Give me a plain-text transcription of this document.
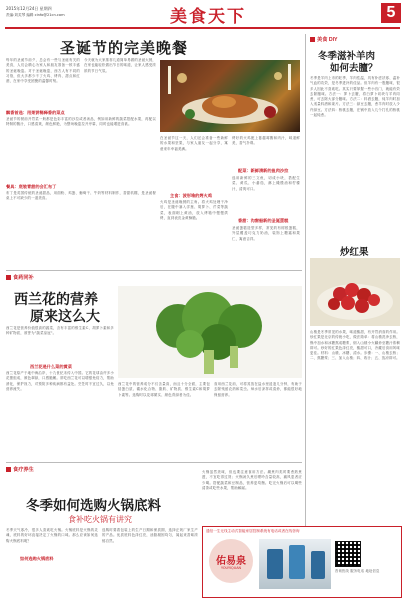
2015年12月24日 星期四
责编:刘芙琴 编辑 cinfo@21cn.com	美食天下	5
圣诞节的完美晚餐
每年的圣诞节前夕，总会有一些与圣诞有关的美食，人们会精心为家人和朋友准备一顿丰盛的圣诞晚宴。对于圣诞晚宴，西方人有不同的习俗，但大多都少不了火鸡、烤肉、甜点和红酒，在家中享受团聚的温馨时刻。
飘香首选：用果饼稀释香的菜点
圣诞节的餐前开胃菜一般都是色彩丰富的沙拉或者汤品，例如用新鲜的蔬菜搭配水果，再配以特制的酱汁，口感清爽，颜色鲜艳，为整场晚宴拉开序幕，同时也能增进食欲。
今天就为大家推荐几道简单易做的圣诞大餐，在家也能轻松做出节日的味道，让家人感受浓浓的节日气氛。
餐具：底装青甜的会汇布丁
布丁是英国传统的圣诞甜品，用面粉、鸡蛋、葡萄干、牛奶等材料制作，香甜软糯，是圣诞餐桌上不可缺少的一道美食。
在圣诞节这一天，人们还会准备一些新鲜的水果和坚果，与家人朋友一起分享，寓意来年幸福美满。
主食：波形堆的烤火鸡
火鸡是圣诞晚餐的主角。将火鸡处理干净后，在腹中塞入洋葱、胡萝卜、芹菜等蔬菜，表面刷上黄油，放入烤箱中慢慢烘烤，直到表皮金黄酥脆。
烤好的火鸡配上蔓越莓酱和肉汁，味道鲜美，香气扑鼻。
配菜：新鲜清新的鱼肉沙拉
选用新鲜的三文鱼，切成小块，搭配生菜、黄瓜、小番茄，淋上橄榄油和柠檬汁，清爽可口。
香甜：沟窗船新的圣诞蛋糕
圣诞蛋糕造型多样，常见的有树根蛋糕，外层覆盖巧克力奶油，装饰上糖霜和果仁，寓意吉祥。
食药同补
西兰花的营养
原来这么大
西兰花是营养价值很高的蔬菜，含有丰富的维生素C、胡萝卜素和多种矿物质，被誉为"蔬菜皇冠"。
西兰花是什么菜的黄菜
西兰花原产于地中海沿岸，十九世纪末传入中国。它的花球由许多小花蕾组成，颜色翠绿，口感脆嫩。常吃西兰花可以增强免疫力，帮助消化，保护视力，对预防多种疾病都有益处。烹饪时不宜过久，以免营养流失。
西兰花中的营养成分不仅含量高，而且十分全面，主要包括蛋白质、碳水化合物、脂肪、矿物质、维生素C和胡萝卜素等。选购时以花球紧实、颜色青绿者为佳。
食用西兰花前，可将其放在盐水里浸泡几分钟，有助于去除残留农药和菜虫。焯水后凉拌或清炒，都能很好地保留营养。
食疗养生
冬季如何选购火锅底料
食补吃火锅有讲究
冬季天气寒冷，很多人喜欢吃火锅。火锅底料是火锅的灵魂，底料的好坏直接决定了火锅的口味。那么应该如何选购火锅底料呢？
如何选购火锅底料
选购时要看包装上的生产日期和保质期，选择正规厂家生产的产品。优质底料色泽红亮，油脂凝固均匀，闻起来香味浓郁自然。
火锅虽然美味，但也要注意食用方法。涮煮肉类时要煮熟煮透，不宜吃得过烫；火锅汤久煮后嘌呤含量较高，痛风患者应少喝。搭配蔬菜和豆制品，营养更均衡。吃完火锅后可以喝些清茶或吃些水果，帮助解腻。
美食 DIY
冬季滋补羊肉
如何去膻？
冬季是羊肉上市的旺季，羊肉性温，具有补虚祛寒、温补气血的功效，是冬季进补的佳品。但羊肉有一股膻味，很多人因此不喜欢吃。其实只要掌握一些小窍门，就能有效去除膻味。方法一：萝卜去膻，将白萝卜切块与羊肉同煮，可去除大部分膻味。方法二：料酒去膻，炖羊肉时加入适量料酒和姜片。方法三：绿豆去膻，煮羊肉时放入少许绿豆。方法四：核桃去膻，在锅中放入几个打孔的核桃一起炖煮。
炒红果
山楂是冬季常见的水果，味道酸甜，有开胃消食的作用。炒红果是北京的传统小吃，做法简单：将山楂洗净去核，锅中加水和冰糖熬成糖浆，倒入山楂小火翻炒至糖汁浓稠即可。炒好的红果色泽红亮，酸甜可口，冷藏后食用风味更佳。材料：山楂、冰糖、清水。步骤：一、山楂去核；二、熬糖浆；三、加入山楂；四、收汁；五、放凉即可。
通信一生无线主动式智能家居控制系统有电话或者在线咨询
佑易泉
YOUYIQUAN
咨询热线 服务电话 地址信息
